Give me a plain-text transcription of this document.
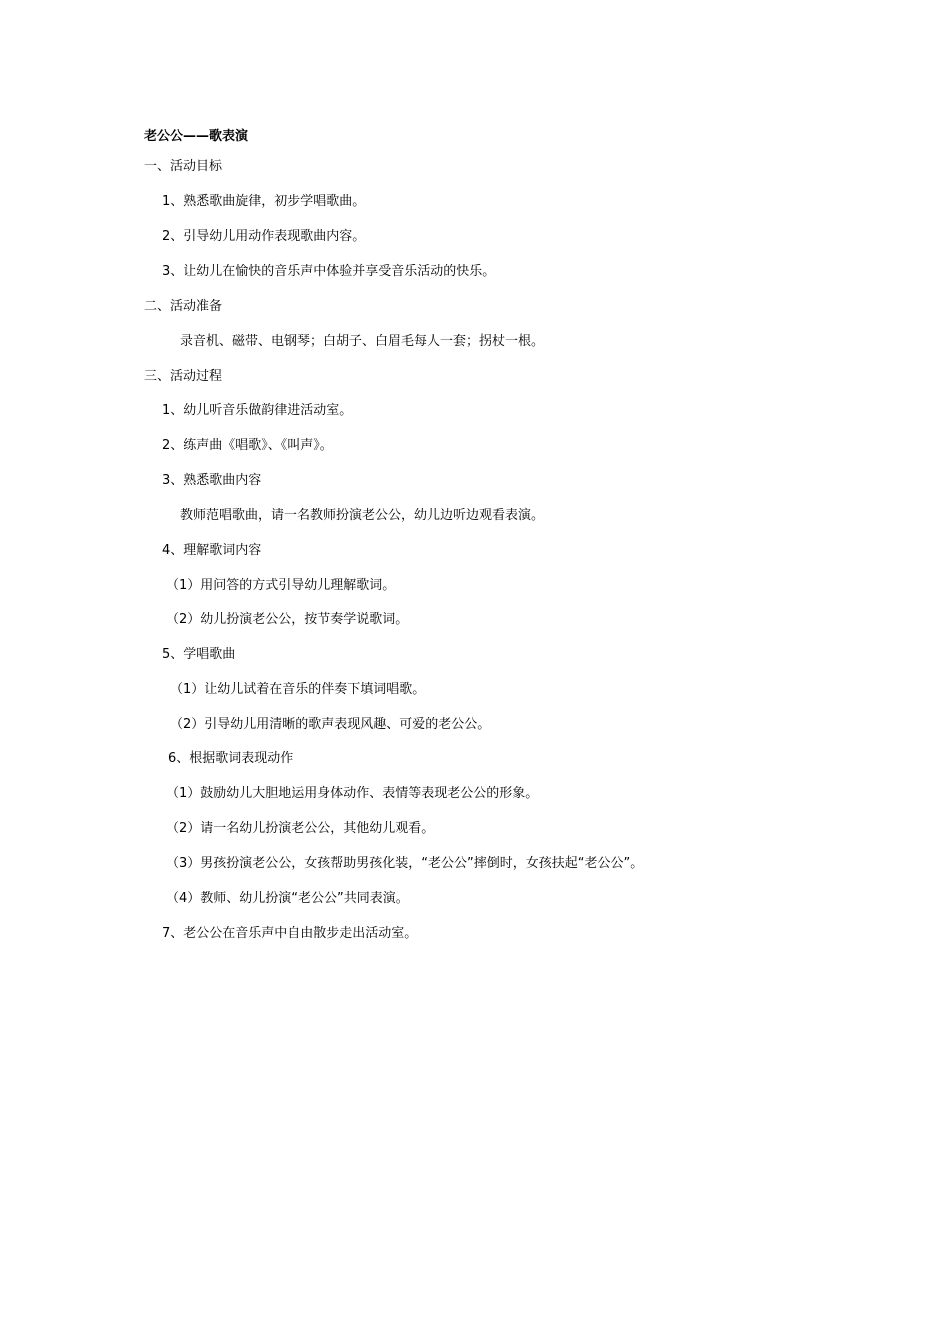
老公公——歌表演
一、活动目标
1、熟悉歌曲旋律，初步学唱歌曲。
2、引导幼儿用动作表现歌曲内容。
3、让幼儿在愉快的音乐声中体验并享受音乐活动的快乐。
二、活动准备
录音机、磁带、电钢琴；白胡子、白眉毛每人一套；拐杖一根。
三、活动过程
1、幼儿听音乐做韵律进活动室。
2、练声曲《唱歌》、《叫声》。
3、熟悉歌曲内容
教师范唱歌曲，请一名教师扮演老公公，幼儿边听边观看表演。
4、理解歌词内容
（1）用问答的方式引导幼儿理解歌词。
（2）幼儿扮演老公公，按节奏学说歌词。
5、学唱歌曲
（1）让幼儿试着在音乐的伴奏下填词唱歌。
（2）引导幼儿用清晰的歌声表现风趣、可爱的老公公。
6、根据歌词表现动作
（1）鼓励幼儿大胆地运用身体动作、表情等表现老公公的形象。
（2）请一名幼儿扮演老公公，其他幼儿观看。
（3）男孩扮演老公公，女孩帮助男孩化装，“老公公”摔倒时，女孩扶起“老公公”。
（4）教师、幼儿扮演“老公公”共同表演。
7、老公公在音乐声中自由散步走出活动室。
